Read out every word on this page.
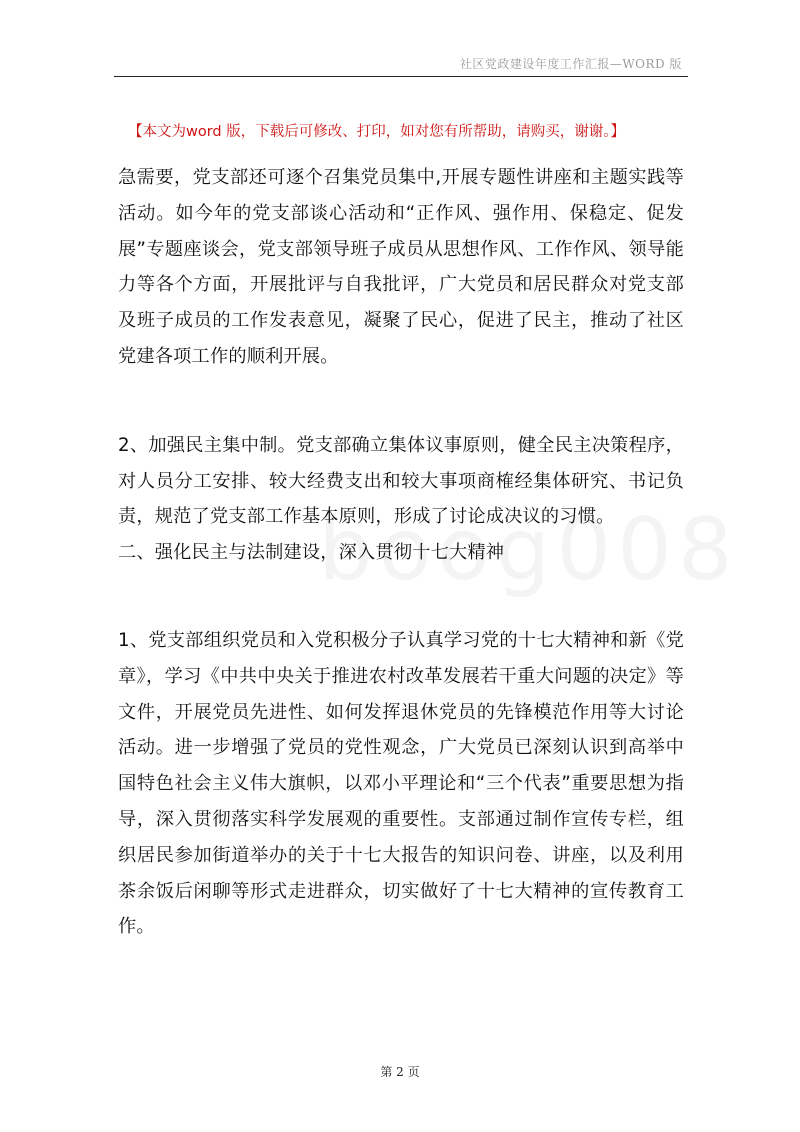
社区党政建设年度工作汇报—WORD 版
【本文为word 版，下载后可修改、打印，如对您有所帮助，请购买，谢谢。】

急需要，党支部还可逐个召集党员集中,开展专题性讲座和主题实践等活动。如今年的党支部谈心活动和“正作风、强作用、保稳定、促发展”专题座谈会，党支部领导班子成员从思想作风、工作作风、领导能力等各个方面，开展批评与自我批评，广大党员和居民群众对党支部及班子成员的工作发表意见，凝聚了民心，促进了民主，推动了社区党建各项工作的顺利开展。

2、加强民主集中制。党支部确立集体议事原则，健全民主决策程序，对人员分工安排、较大经费支出和较大事项商榷经集体研究、书记负责，规范了党支部工作基本原则，形成了讨论成决议的习惯。

二、强化民主与法制建设，深入贯彻十七大精神

1、党支部组织党员和入党积极分子认真学习党的十七大精神和新《党章》，学习《中共中央关于推进农村改革发展若干重大问题的决定》等文件，开展党员先进性、如何发挥退休党员的先锋模范作用等大讨论活动。进一步增强了党员的党性观念，广大党员已深刻认识到高举中国特色社会主义伟大旗帜，以邓小平理论和“三个代表”重要思想为指导，深入贯彻落实科学发展观的重要性。支部通过制作宣传专栏，组织居民参加街道举办的关于十七大报告的知识问卷、讲座，以及利用茶余饭后闲聊等形式走进群众，切实做好了十七大精神的宣传教育工作。

第 2 页
